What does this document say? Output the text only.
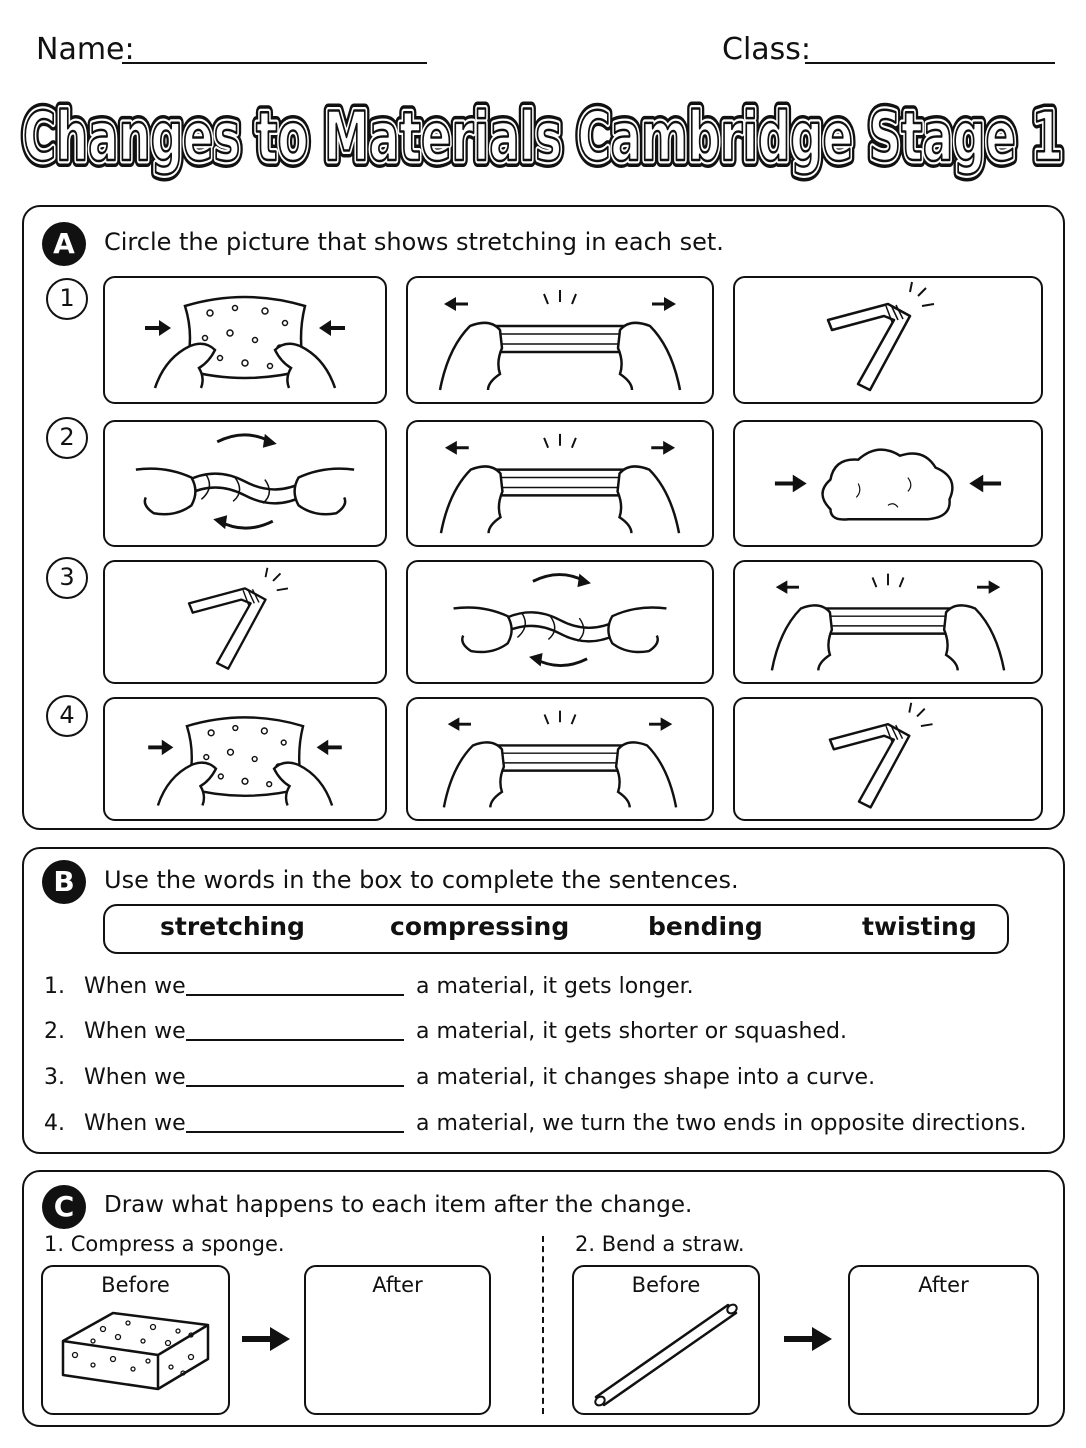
Name:	Class:
Changes to Materials Cambridge Stage 1
Changes to Materials Cambridge Stage 1
Changes to Materials Cambridge Stage 1
A	Circle the picture that shows stretching in each set.
1
2
3
4
B	Use the words in the box to complete the sentences.
stretching	compressing	bending	twisting
1. When we	a material, it gets longer.
2. When we	a material, it gets shorter or squashed.
3. When we	a material, it changes shape into a curve.
4. When we	a material, we turn the two ends in opposite directions.
C	Draw what happens to each item after the change.
1. Compress a sponge.	2. Bend a straw.
Before	After	Before	After
